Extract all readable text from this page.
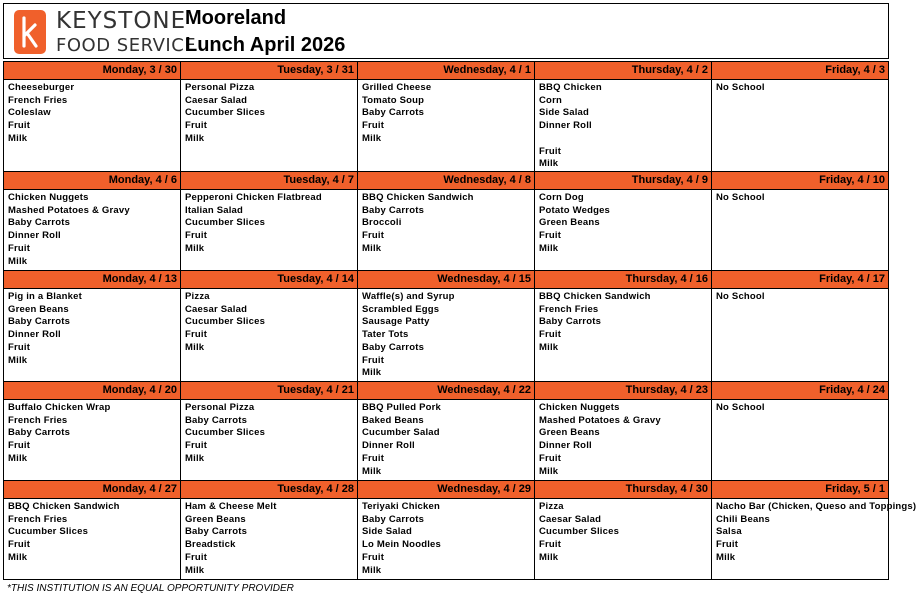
KEYSTONE
FOOD SERVICE
Mooreland
Lunch April 2026
Monday, 3 / 30
Cheeseburger
French Fries
Coleslaw
Fruit
Milk
Tuesday, 3 / 31
Personal Pizza
Caesar Salad
Cucumber Slices
Fruit
Milk
Wednesday, 4 / 1
Grilled Cheese
Tomato Soup
Baby Carrots
Fruit
Milk
Thursday, 4 / 2
BBQ Chicken
Corn
Side Salad
Dinner Roll
Fruit
Milk
Friday, 4 / 3
No School
Monday, 4 / 6
Chicken Nuggets
Mashed Potatoes & Gravy
Baby Carrots
Dinner Roll
Fruit
Milk
Tuesday, 4 / 7
Pepperoni Chicken Flatbread
Italian Salad
Cucumber Slices
Fruit
Milk
Wednesday, 4 / 8
BBQ Chicken Sandwich
Baby Carrots
Broccoli
Fruit
Milk
Thursday, 4 / 9
Corn Dog
Potato Wedges
Green Beans
Fruit
Milk
Friday, 4 / 10
No School
Monday, 4 / 13
Pig in a Blanket
Green Beans
Baby Carrots
Dinner Roll
Fruit
Milk
Tuesday, 4 / 14
Pizza
Caesar Salad
Cucumber Slices
Fruit
Milk
Wednesday, 4 / 15
Waffle(s) and Syrup
Scrambled Eggs
Sausage Patty
Tater Tots
Baby Carrots
Fruit
Milk
Thursday, 4 / 16
BBQ Chicken Sandwich
French Fries
Baby Carrots
Fruit
Milk
Friday, 4 / 17
No School
Monday, 4 / 20
Buffalo Chicken Wrap
French Fries
Baby Carrots
Fruit
Milk
Tuesday, 4 / 21
Personal Pizza
Baby Carrots
Cucumber Slices
Fruit
Milk
Wednesday, 4 / 22
BBQ Pulled Pork
Baked Beans
Cucumber Salad
Dinner Roll
Fruit
Milk
Thursday, 4 / 23
Chicken Nuggets
Mashed Potatoes & Gravy
Green Beans
Dinner Roll
Fruit
Milk
Friday, 4 / 24
No School
Monday, 4 / 27
BBQ Chicken Sandwich
French Fries
Cucumber Slices
Fruit
Milk
Tuesday, 4 / 28
Ham & Cheese Melt
Green Beans
Baby Carrots
Breadstick
Fruit
Milk
Wednesday, 4 / 29
Teriyaki Chicken
Baby Carrots
Side Salad
Lo Mein Noodles
Fruit
Milk
Thursday, 4 / 30
Pizza
Caesar Salad
Cucumber Slices
Fruit
Milk
Friday, 5 / 1
Nacho Bar (Chicken, Queso and Toppings)
Chili Beans
Salsa
Fruit
Milk
*THIS INSTITUTION IS AN EQUAL OPPORTUNITY PROVIDER
